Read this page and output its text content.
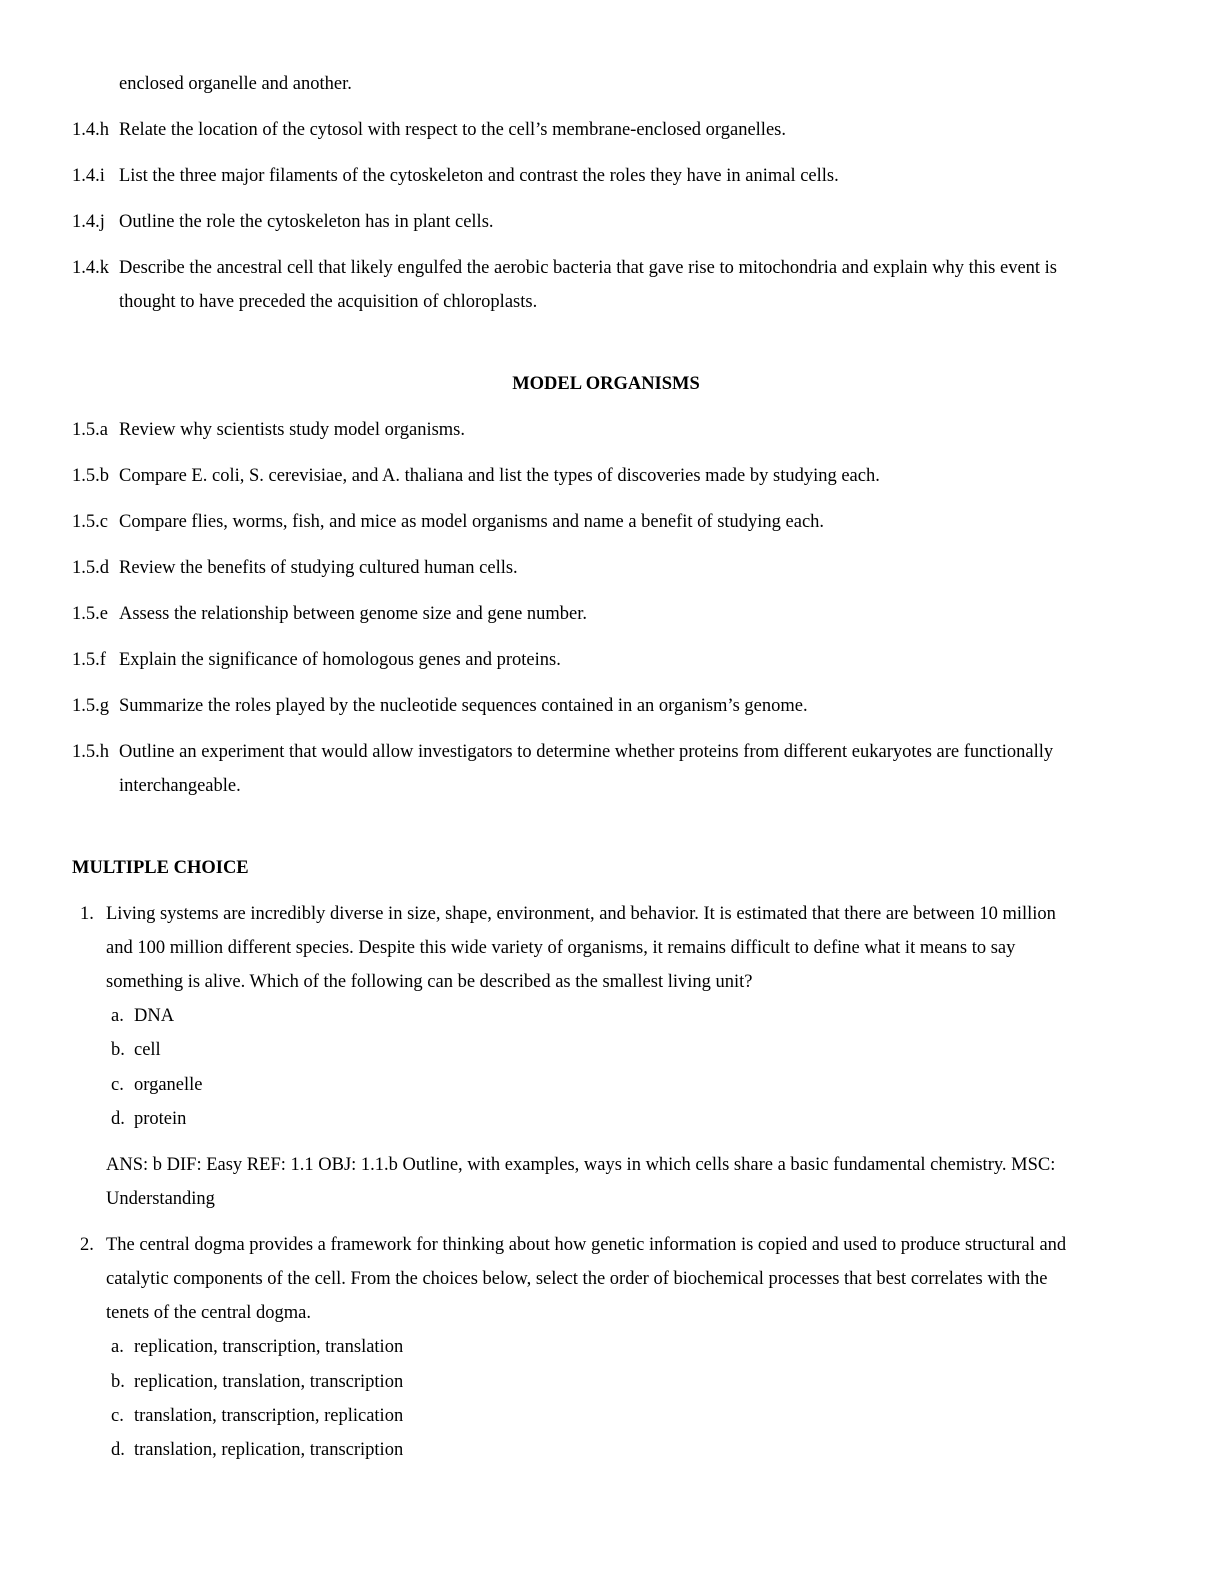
enclosed organelle and another.
1.4.h Relate the location of the cytosol with respect to the cell’s membrane-enclosed organelles.
1.4.i List the three major filaments of the cytoskeleton and contrast the roles they have in animal cells.
1.4.j Outline the role the cytoskeleton has in plant cells.
1.4.k Describe the ancestral cell that likely engulfed the aerobic bacteria that gave rise to mitochondria and explain why this event is
thought to have preceded the acquisition of chloroplasts.
MODEL ORGANISMS
1.5.a Review why scientists study model organisms.
1.5.b Compare E. coli, S. cerevisiae, and A. thaliana and list the types of discoveries made by studying each.
1.5.c Compare flies, worms, fish, and mice as model organisms and name a benefit of studying each.
1.5.d Review the benefits of studying cultured human cells.
1.5.e Assess the relationship between genome size and gene number.
1.5.f Explain the significance of homologous genes and proteins.
1.5.g Summarize the roles played by the nucleotide sequences contained in an organism’s genome.
1.5.h Outline an experiment that would allow investigators to determine whether proteins from different eukaryotes are functionally
interchangeable.
MULTIPLE CHOICE
1. Living systems are incredibly diverse in size, shape, environment, and behavior. It is estimated that there are between 10 million
and 100 million different species. Despite this wide variety of organisms, it remains difficult to define what it means to say
something is alive. Which of the following can be described as the smallest living unit?
a. DNA
b. cell
c. organelle
d. protein
ANS: b DIF: Easy REF: 1.1 OBJ: 1.1.b Outline, with examples, ways in which cells share a basic fundamental chemistry. MSC:
Understanding
2. The central dogma provides a framework for thinking about how genetic information is copied and used to produce structural and
catalytic components of the cell. From the choices below, select the order of biochemical processes that best correlates with the
tenets of the central dogma.
a. replication, transcription, translation
b. replication, translation, transcription
c. translation, transcription, replication
d. translation, replication, transcription
